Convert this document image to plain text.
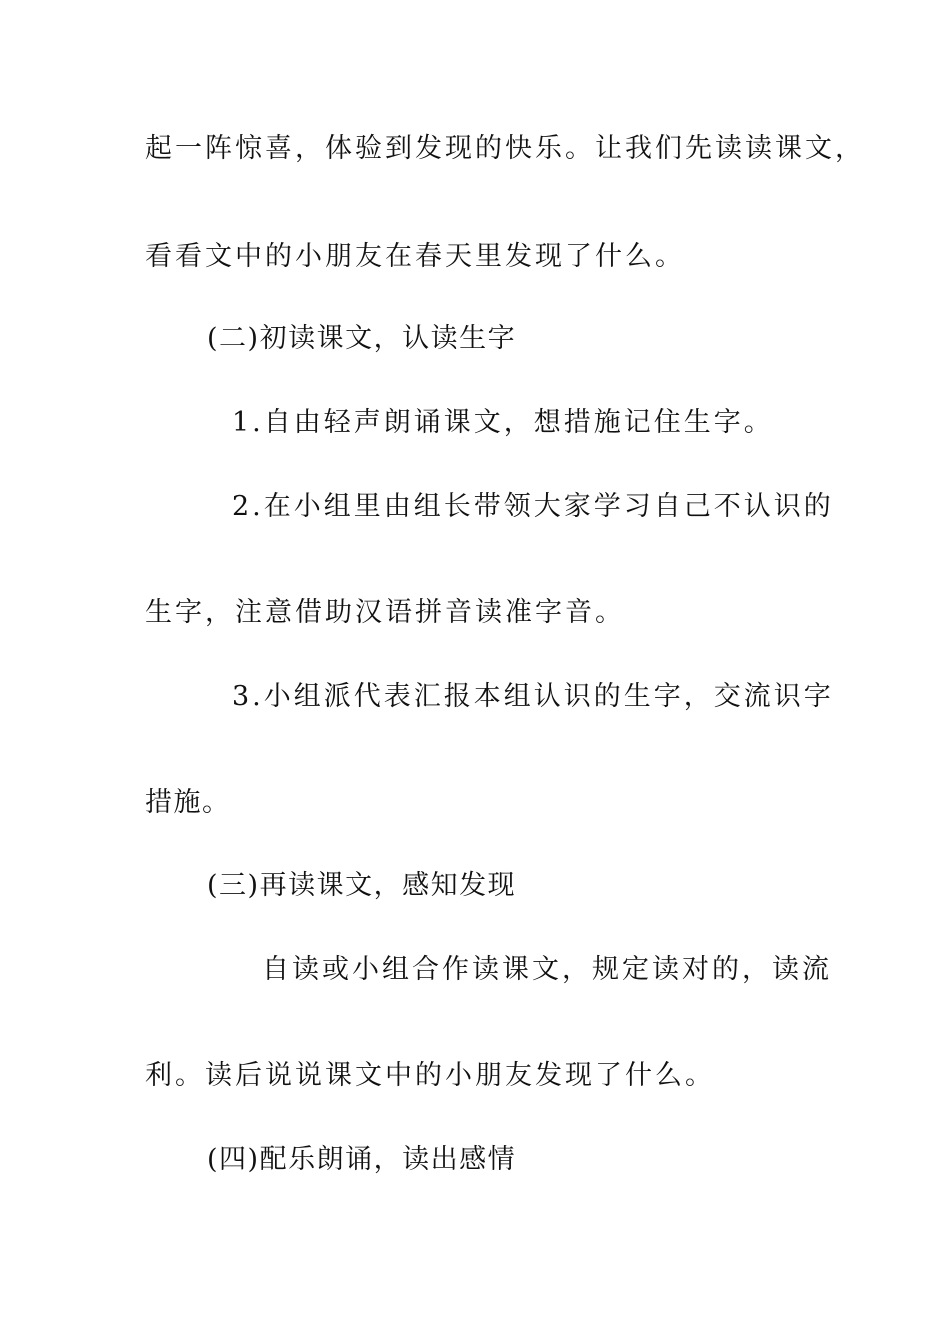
起一阵惊喜，体验到发现的快乐。让我们先读读课文，
看看文中的小朋友在春天里发现了什么。
(二)初读课文，认读生字
1.自由轻声朗诵课文，想措施记住生字。
2.在小组里由组长带领大家学习自己不认识的
生字，注意借助汉语拼音读准字音。
3.小组派代表汇报本组认识的生字，交流识字
措施。
(三)再读课文，感知发现
自读或小组合作读课文，规定读对的，读流
利。读后说说课文中的小朋友发现了什么。
(四)配乐朗诵，读出感情
